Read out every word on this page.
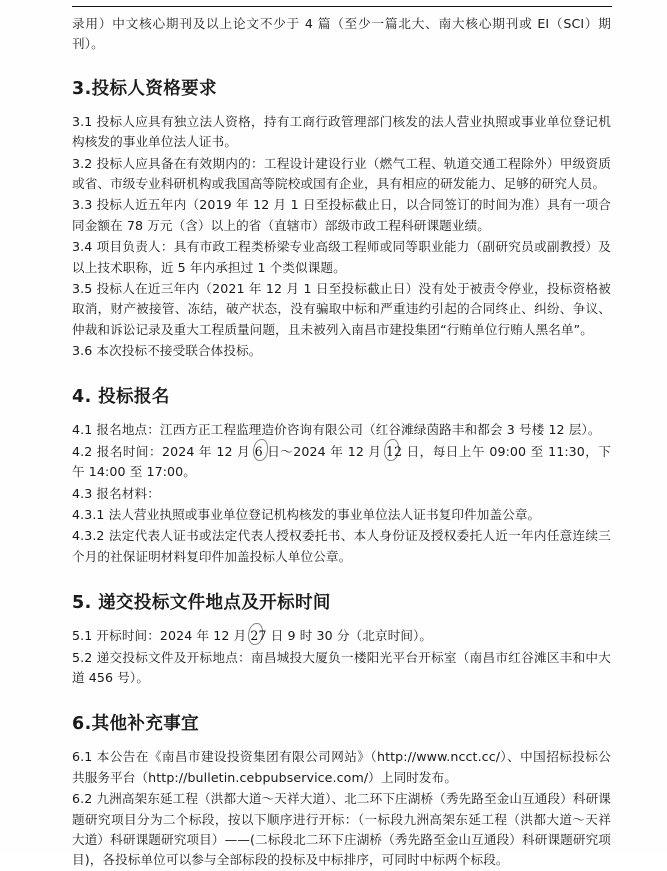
录用）中文核心期刊及以上论文不少于 4 篇（至少一篇北大、南大核心期刊或 EI（SCI）期刊）。

3.投标人资格要求

3.1 投标人应具有独立法人资格，持有工商行政管理部门核发的法人营业执照或事业单位登记机构核发的事业单位法人证书。

3.2 投标人应具备在有效期内的：工程设计建设行业（燃气工程、轨道交通工程除外）甲级资质或省、市级专业科研机构或我国高等院校或国有企业，具有相应的研发能力、足够的研究人员。

3.3 投标人近五年内（2019 年 12 月 1 日至投标截止日，以合同签订的时间为准）具有一项合同金额在 78 万元（含）以上的省（直辖市）部级市政工程科研课题业绩。

3.4 项目负责人：具有市政工程类桥梁专业高级工程师或同等职业能力（副研究员或副教授）及以上技术职称，近 5 年内承担过 1 个类似课题。

3.5 投标人在近三年内（2021 年 12 月 1 日至投标截止日）没有处于被责令停业，投标资格被取消，财产被接管、冻结，破产状态，没有骗取中标和严重违约引起的合同终止、纠纷、争议、仲裁和诉讼记录及重大工程质量问题，且未被列入南昌市建投集团“行贿单位行贿人黑名单”。

3.6 本次投标不接受联合体投标。

4. 投标报名

4.1 报名地点：江西方正工程监理造价咨询有限公司（红谷滩绿茵路丰和都会 3 号楼 12 层）。

4.2 报名时间：2024 年 12 月 6 日～2024 年 12 月 12 日，每日上午 09:00 至 11:30，下午 14:00 至 17:00。

4.3 报名材料：

4.3.1 法人营业执照或事业单位登记机构核发的事业单位法人证书复印件加盖公章。

4.3.2 法定代表人证书或法定代表人授权委托书、本人身份证及授权委托人近一年内任意连续三个月的社保证明材料复印件加盖投标人单位公章。

5. 递交投标文件地点及开标时间

5.1 开标时间：2024 年 12 月 27 日 9 时 30 分（北京时间）。

5.2 递交投标文件及开标地点：南昌城投大厦负一楼阳光平台开标室（南昌市红谷滩区丰和中大道 456 号）。

6.其他补充事宜

6.1 本公告在《南昌市建设投资集团有限公司网站》（http://www.ncct.cc/）、中国招标投标公共服务平台（http://bulletin.cebpubservice.com/）上同时发布。

6.2 九洲高架东延工程（洪都大道～天祥大道）、北二环下庄湖桥（秀先路至金山互通段）科研课题研究项目分为二个标段，按以下顺序进行开标：（一标段九洲高架东延工程（洪都大道～天祥大道）科研课题研究项目）——(二标段北二环下庄湖桥（秀先路至金山互通段）科研课题研究项目)，各投标单位可以参与全部标段的投标及中标排序，可同时中标两个标段。
